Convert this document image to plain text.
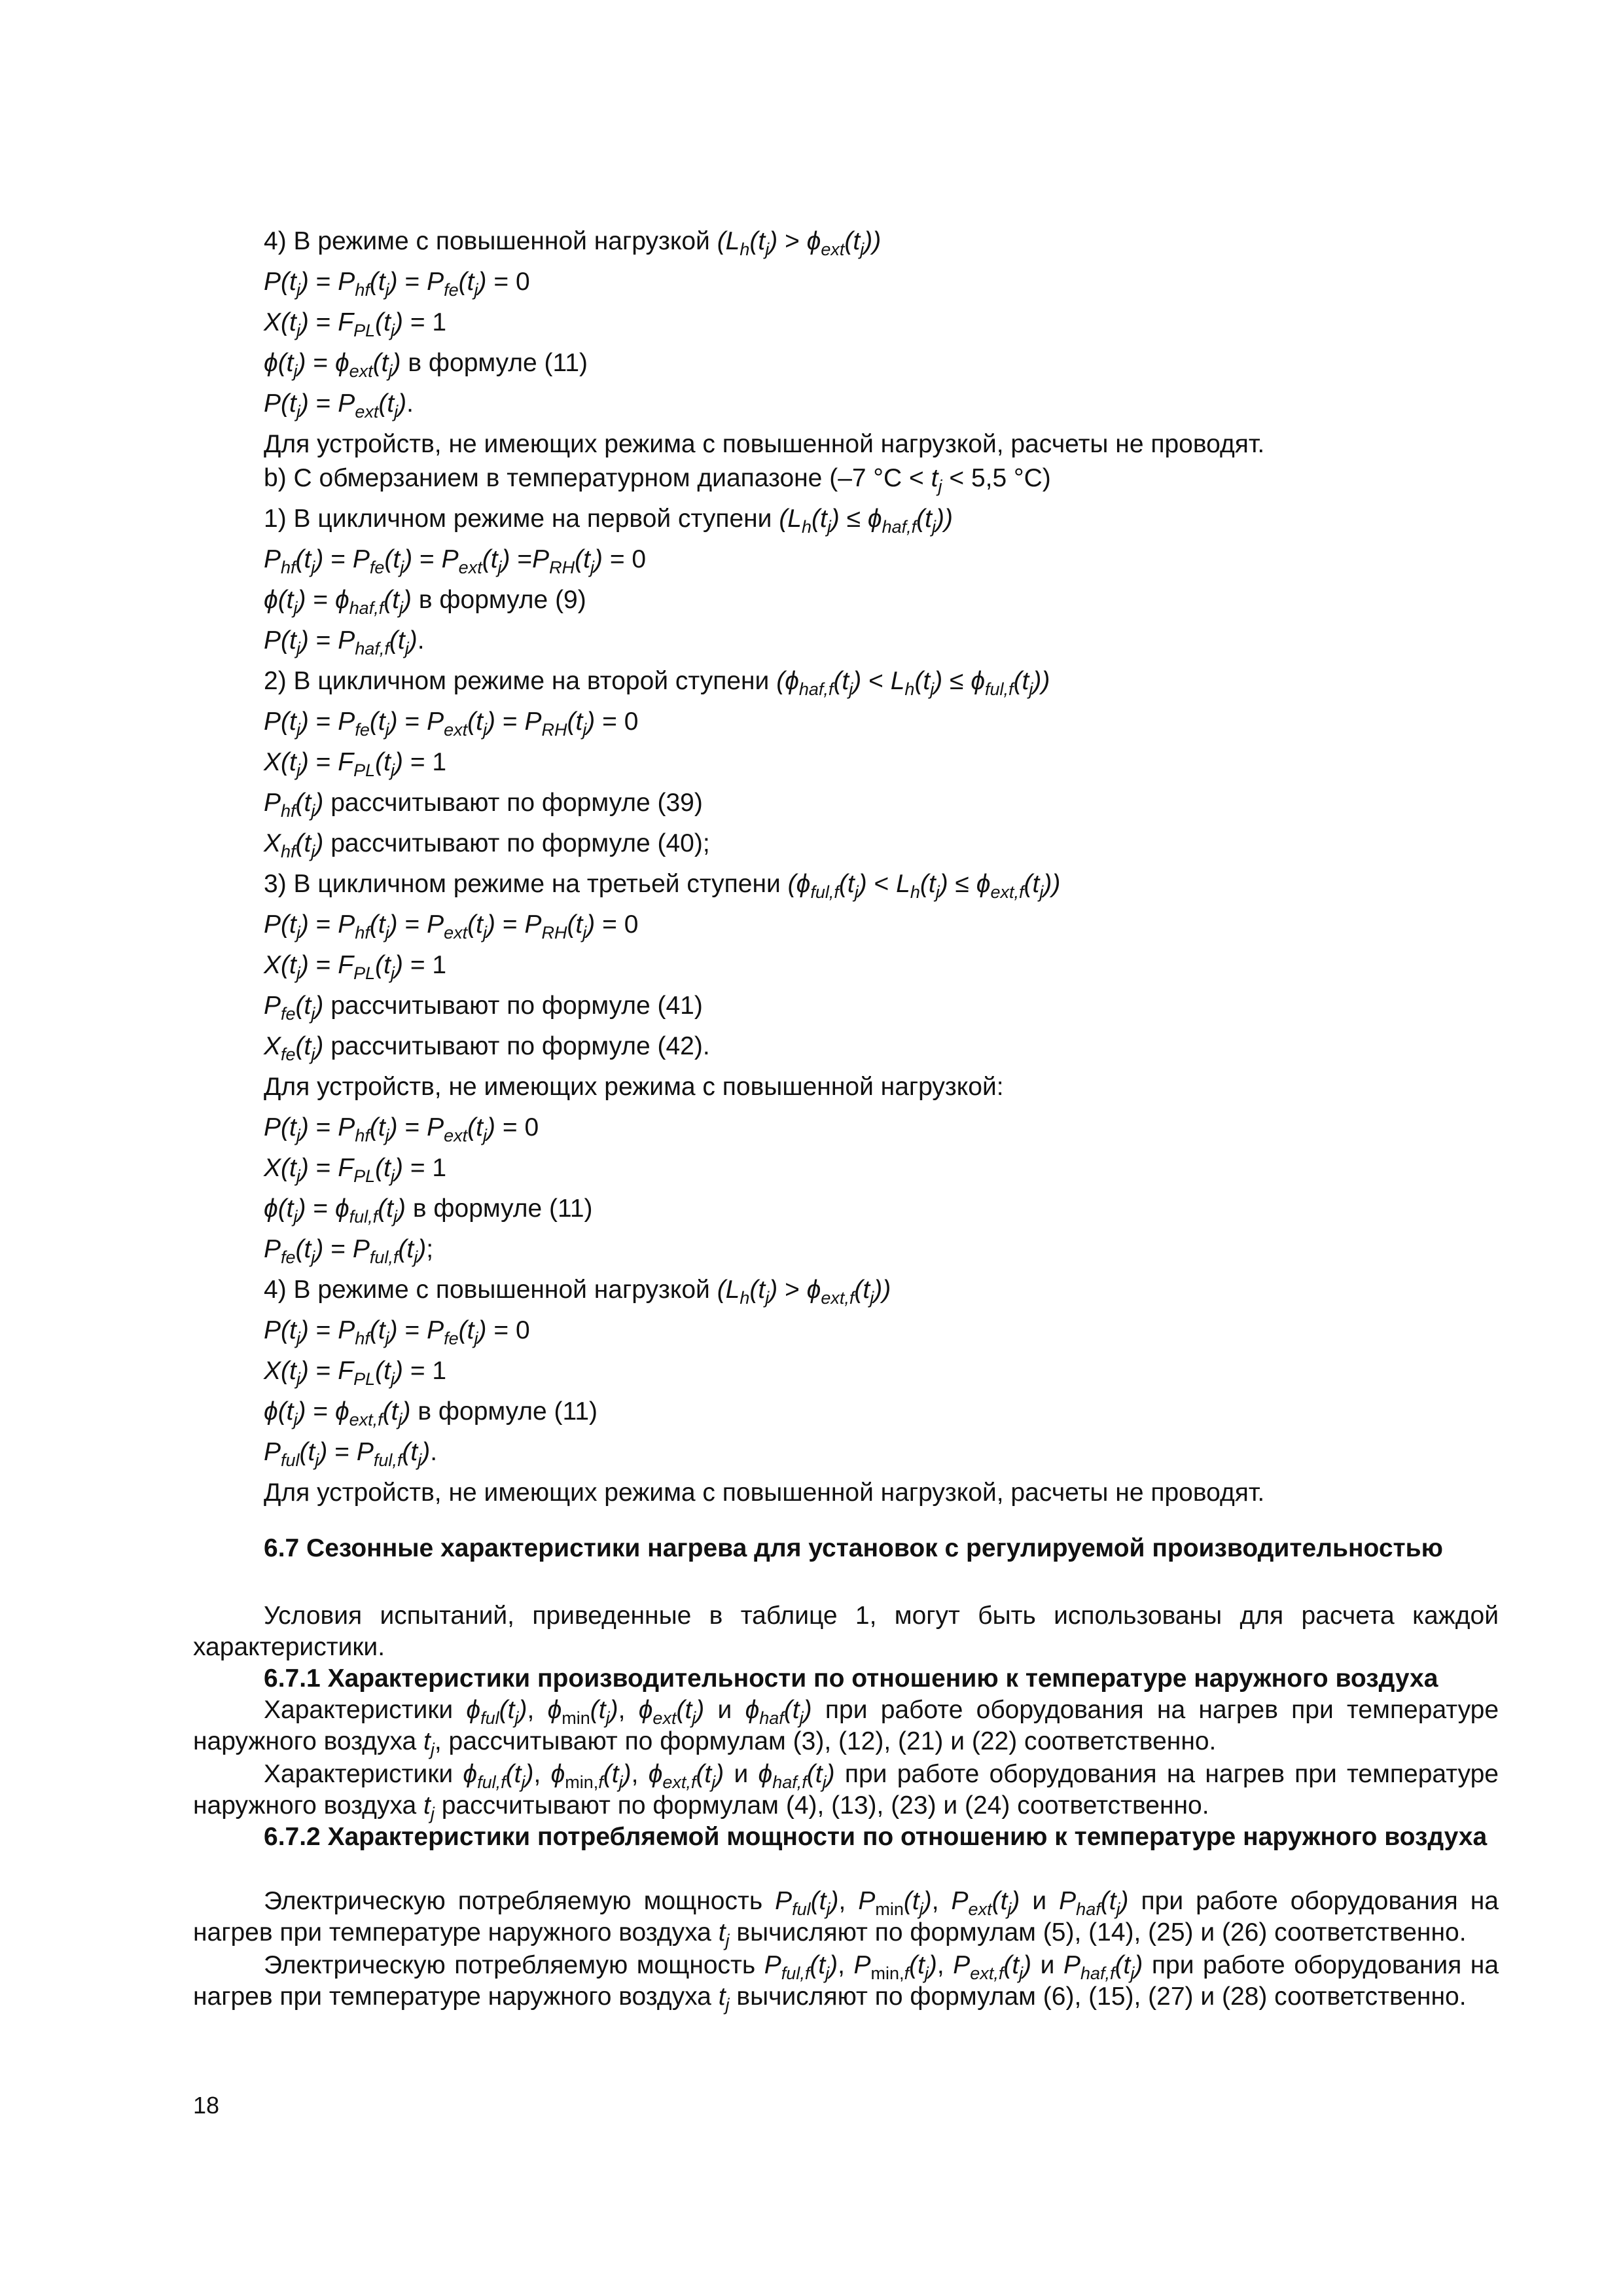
4) В режиме с повышенной нагрузкой $(L_h(t_j) > \phi_{ext}(t_j))$
$P(t_j) = P_{hf}(t_j) = P_{fe}(t_j) = 0$
$X(t_j) = F_{PL}(t_j) = 1$
$\phi(t_j) = \phi_{ext}(t_j)$ в формуле (11)
$P(t_j) = P_{ext}(t_j)$.
Для устройств, не имеющих режима с повышенной нагрузкой, расчеты не проводят.
b) С обмерзанием в температурном диапазоне (–7 $^\circ C < t_j < 5,5$ °C)
1) В цикличном режиме на первой ступени $(L_h(t_j) \le \phi_{haf,f}(t_j))$
$P_{hf}(t_j) = P_{fe}(t_j) = P_{ext}(t_j) =P_{RH}(t_j) = 0$
$\phi(t_j) = \phi_{haf,f}(t_j)$ в формуле (9)
$P(t_j) = P_{haf,f}(t_j)$.
2) В цикличном режиме на второй ступени $(\phi_{haf,f}(t_j) < L_h(t_j) \le \phi_{ful,f}(t_j))$
$P(t_j) = P_{fe}(t_j) = P_{ext}(t_j) = P_{RH}(t_j) = 0$
$X(t_j) = F_{PL}(t_j) = 1$
$P_{hf}(t_j)$ рассчитывают по формуле (39)
$X_{hf}(t_j)$ рассчитывают по формуле (40);
3) В цикличном режиме на третьей ступени $(\phi_{ful,f}(t_j) < L_h(t_j) \le \phi_{ext,f}(t_j))$
$P(t_j) = P_{hf}(t_j) = P_{ext}(t_j) = P_{RH}(t_j) = 0$
$X(t_j) = F_{PL}(t_j) = 1$
$P_{fe}(t_j)$ рассчитывают по формуле (41)
$X_{fe}(t_j)$ рассчитывают по формуле (42).
Для устройств, не имеющих режима с повышенной нагрузкой:
$P(t_j) = P_{hf}(t_j) = P_{ext}(t_j) = 0$
$X(t_j) = F_{PL}(t_j) = 1$
$\phi(t_j) = \phi_{ful,f}(t_j)$ в формуле (11)
$P_{fe}(t_j) = P_{ful,f}(t_j)$;
4) В режиме с повышенной нагрузкой $(L_h(t_j) > \phi_{ext,f}(t_j))$
$P(t_j) = P_{hf}(t_j) = P_{fe}(t_j) = 0$
$X(t_j) = F_{PL}(t_j) = 1$
$\phi(t_j) = \phi_{ext,f}(t_j)$ в формуле (11)
$P_{ful}(t_j) = P_{ful,f}(t_j)$.
Для устройств, не имеющих режима с повышенной нагрузкой, расчеты не проводят.
6.7 Сезонные характеристики нагрева для установок с регулируемой производительностью
Условия испытаний, приведенные в таблице 1, могут быть использованы для расчета каждой характеристики.
6.7.1 Характеристики производительности по отношению к температуре наружного воздуха
Характеристики $\phi_{ful}(t_j)$, $\phi_{min}(t_j)$, $\phi_{ext}(t_j)$ и $\phi_{haf}(t_j)$ при работе оборудования на нагрев при температуре наружного воздуха $t_j$, рассчитывают по формулам (3), (12), (21) и (22) соответственно.
Характеристики $\phi_{ful,f}(t_j)$, $\phi_{min,f}(t_j)$, $\phi_{ext,f}(t_j)$ и $\phi_{haf,f}(t_j)$ при работе оборудования на нагрев при температуре наружного воздуха $t_j$ рассчитывают по формулам (4), (13), (23) и (24) соответственно.
6.7.2 Характеристики потребляемой мощности по отношению к температуре наружного воздуха
Электрическую потребляемую мощность $P_{ful}(t_j)$, $P_{min}(t_j)$, $P_{ext}(t_j)$ и $P_{haf}(t_j)$ при работе оборудования на нагрев при температуре наружного воздуха $t_j$ вычисляют по формулам (5), (14), (25) и (26) соответственно.
Электрическую потребляемую мощность $P_{ful,f}(t_j)$, $P_{min,f}(t_j)$, $P_{ext,f}(t_j)$ и $P_{haf,f}(t_j)$ при работе оборудования на нагрев при температуре наружного воздуха $t_j$ вычисляют по формулам (6), (15), (27) и (28) соответственно.
18
